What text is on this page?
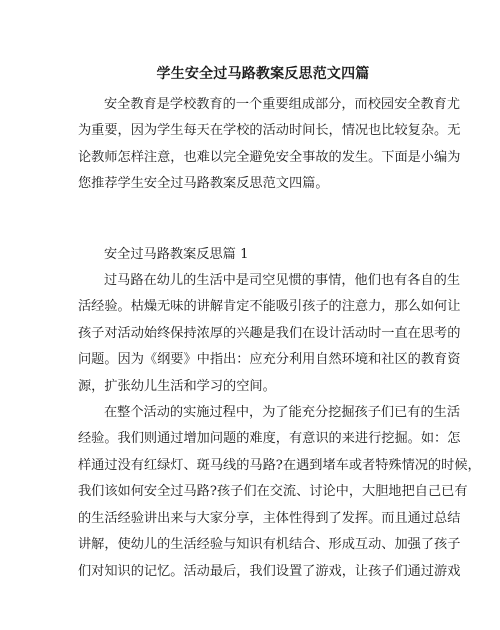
学生安全过马路教案反思范文四篇
安全教育是学校教育的一个重要组成部分，而校园安全教育尤
为重要，因为学生每天在学校的活动时间长，情况也比较复杂。无
论教师怎样注意，也难以完全避免安全事故的发生。下面是小编为
您推荐学生安全过马路教案反思范文四篇。
安全过马路教案反思篇 1
过马路在幼儿的生活中是司空见惯的事情，他们也有各自的生
活经验。枯燥无味的讲解肯定不能吸引孩子的注意力，那么如何让
孩子对活动始终保持浓厚的兴趣是我们在设计活动时一直在思考的
问题。因为《纲要》中指出：应充分利用自然环境和社区的教育资
源，扩张幼儿生活和学习的空间。
在整个活动的实施过程中，为了能充分挖掘孩子们已有的生活
经验。我们则通过增加问题的难度，有意识的来进行挖掘。如：怎
样通过没有红绿灯、斑马线的马路?在遇到堵车或者特殊情况的时候，
我们该如何安全过马路?孩子们在交流、讨论中，大胆地把自己已有
的生活经验讲出来与大家分享，主体性得到了发挥。而且通过总结
讲解，使幼儿的生活经验与知识有机结合、形成互动、加强了孩子
们对知识的记忆。活动最后，我们设置了游戏，让孩子们通过游戏
